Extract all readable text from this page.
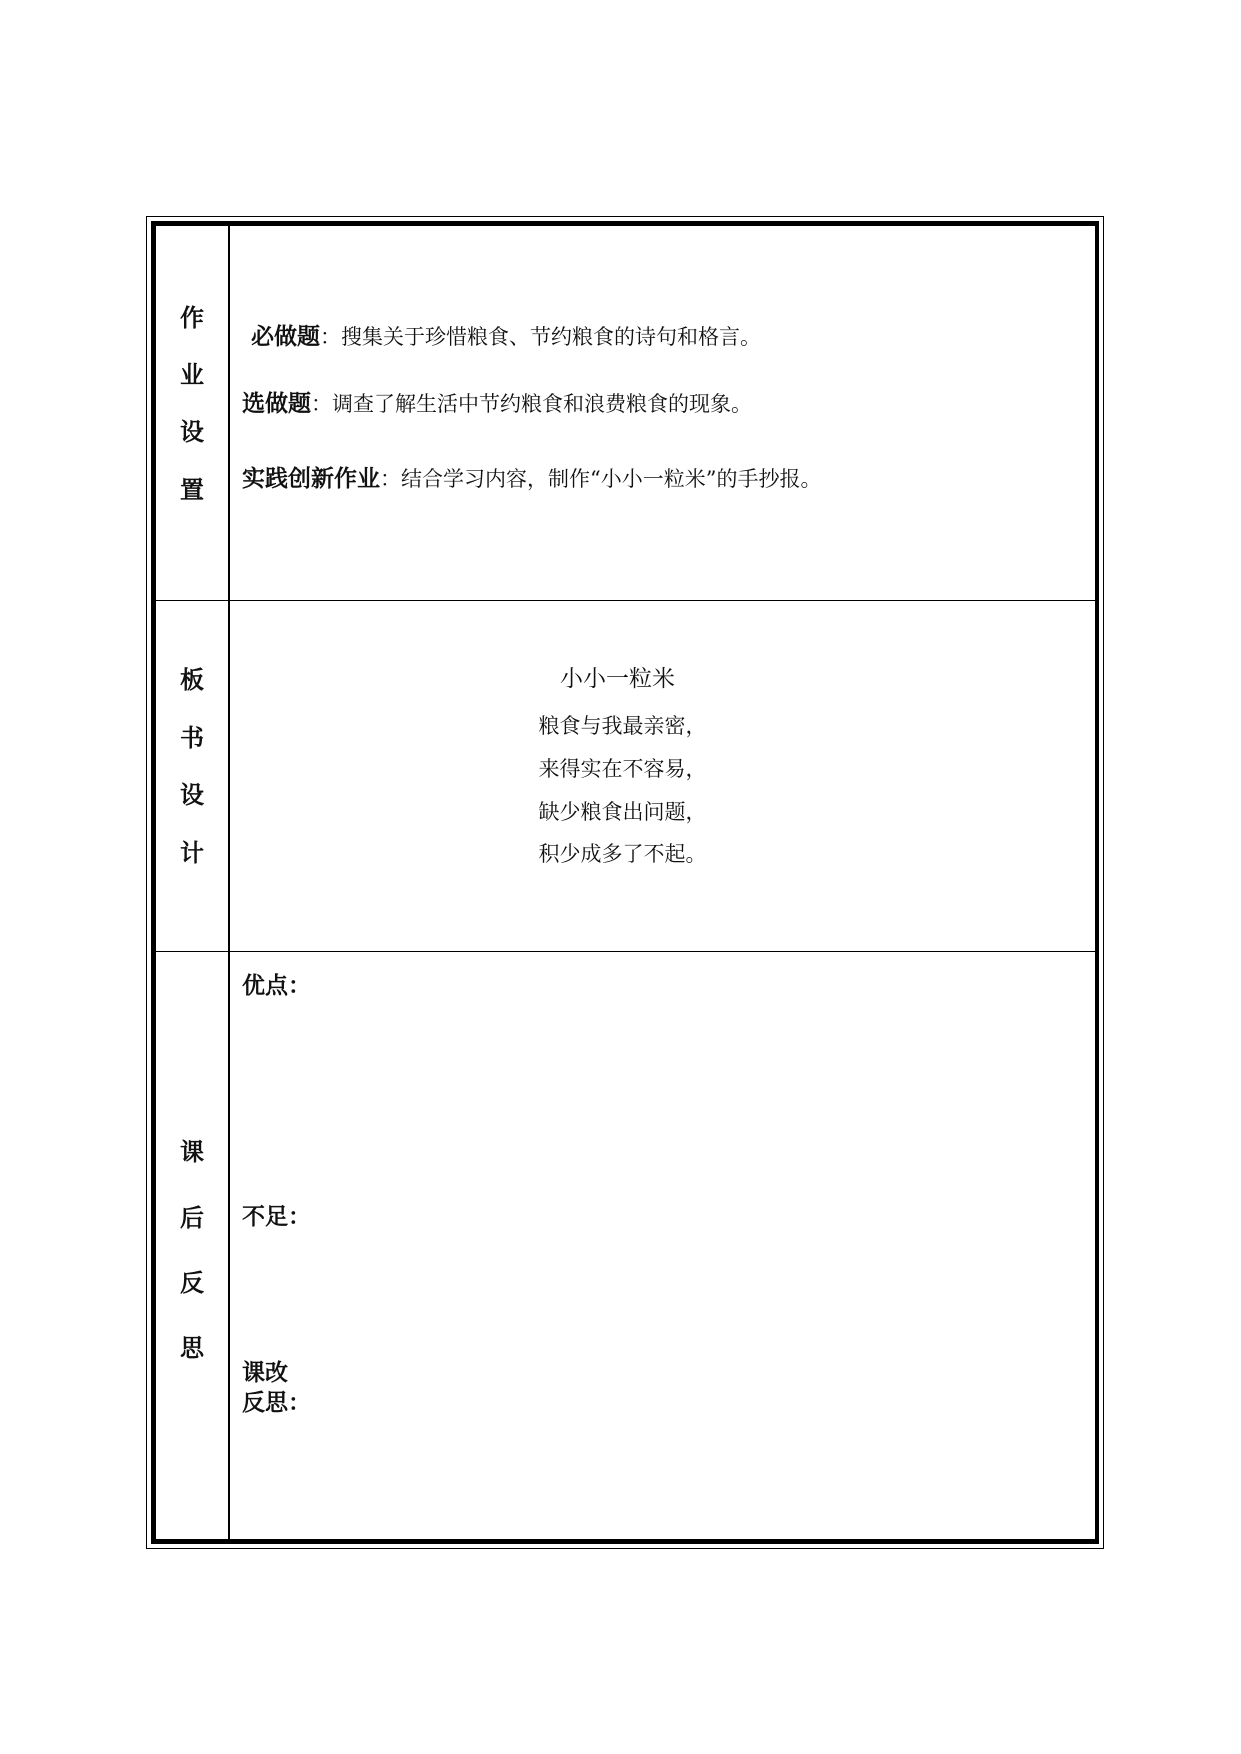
作
业
设
置
必做题：搜集关于珍惜粮食、节约粮食的诗句和格言。
选做题：调查了解生活中节约粮食和浪费粮食的现象。
实践创新作业：结合学习内容，制作“小小一粒米”的手抄报。
板
书
设
计
小小一粒米
粮食与我最亲密，
来得实在不容易，
缺少粮食出问题，
积少成多了不起。
课
后
反
思
优点：
不足：
课改
反思：
